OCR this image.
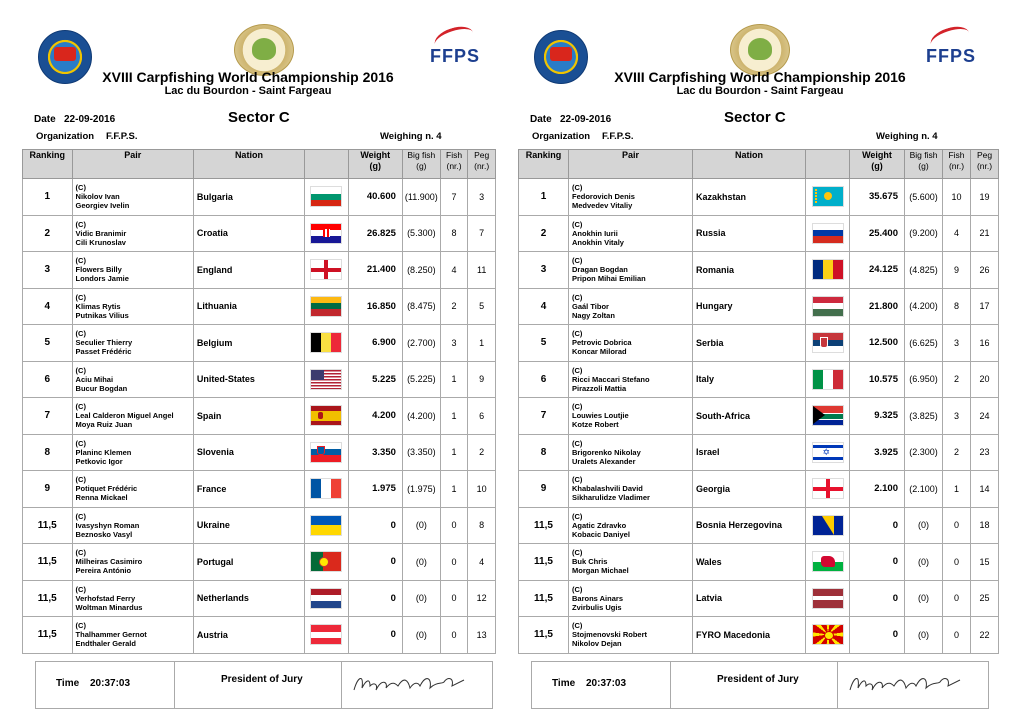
FFPS
XVIII Carpfishing World Championship 2016
Lac du Bourdon - Saint Fargeau
Date 22-09-2016	Sector C
Organization F.F.P.S.	Weighing n. 4
Ranking	Pair	Nation		Weight
(g)	Big fish
(g)	Fish
(nr.)	Peg
(nr.)
1	(C)
Nikolov Ivan
Georgiev Ivelin	Bulgaria		40.600	(11.900)	7	3
2	(C)
Vidic Branimir
Cili Krunoslav	Croatia		26.825	(5.300)	8	7
3	(C)
Flowers Billy
Londors Jamie	England		21.400	(8.250)	4	11
4	(C)
Klimas Rytis
Putnikas Vilius	Lithuania		16.850	(8.475)	2	5
5	(C)
Seculier Thierry
Passet Frédéric	Belgium		6.900	(2.700)	3	1
6	(C)
Aciu Mihai
Bucur Bogdan	United-States		5.225	(5.225)	1	9
7	(C)
Leal Calderon Miguel Angel
Moya Ruiz Juan	Spain		4.200	(4.200)	1	6
8	(C)
Planinc Klemen
Petkovic Igor	Slovenia		3.350	(3.350)	1	2
9	(C)
Potiquet Frédéric
Renna Mickael	France		1.975	(1.975)	1	10
11,5	(C)
Ivasyshyn Roman
Beznosko Vasyl	Ukraine		0	(0)	0	8
11,5	(C)
Milheiras Casimiro
Pereira António	Portugal		0	(0)	0	4
11,5	(C)
Verhofstad Ferry
Woltman Minardus	Netherlands		0	(0)	0	12
11,5	(C)
Thalhammer Gernot
Endthaler Gerald	Austria		0	(0)	0	13
Time 20:37:03	President of Jury
FFPS
XVIII Carpfishing World Championship 2016
Lac du Bourdon - Saint Fargeau
Date 22-09-2016	Sector C
Organization F.F.P.S.	Weighing n. 4
Ranking	Pair	Nation		Weight
(g)	Big fish
(g)	Fish
(nr.)	Peg
(nr.)
1	(C)
Fedorovich Denis
Medvedev Vitaliy	Kazakhstan		35.675	(5.600)	10	19
2	(C)
Anokhin Iurii
Anokhin Vitaly	Russia		25.400	(9.200)	4	21
3	(C)
Dragan Bogdan
Pripon Mihai Emilian	Romania		24.125	(4.825)	9	26
4	(C)
Gaál Tibor
Nagy Zoltan	Hungary		21.800	(4.200)	8	17
5	(C)
Petrovic Dobrica
Koncar Milorad	Serbia		12.500	(6.625)	3	16
6	(C)
Ricci Maccari Stefano
Pirazzoli Mattia	Italy		10.575	(6.950)	2	20
7	(C)
Louwies Loutjie
Kotze Robert	South-Africa		9.325	(3.825)	3	24
8	(C)
Brigorenko Nikolay
Uralets Alexander	Israel	✡	3.925	(2.300)	2	23
9	(C)
Khabalashvili David
Sikharulidze Vladimer	Georgia		2.100	(2.100)	1	14
11,5	(C)
Agatic Zdravko
Kobacic Daniyel	Bosnia Herzegovina		0	(0)	0	18
11,5	(C)
Buk Chris
Morgan Michael	Wales		0	(0)	0	15
11,5	(C)
Barons Ainars
Zvirbulis Ugis	Latvia		0	(0)	0	25
11,5	(C)
Stojmenovski Robert
Nikolov Dejan	FYRO Macedonia		0	(0)	0	22
Time 20:37:03	President of Jury
